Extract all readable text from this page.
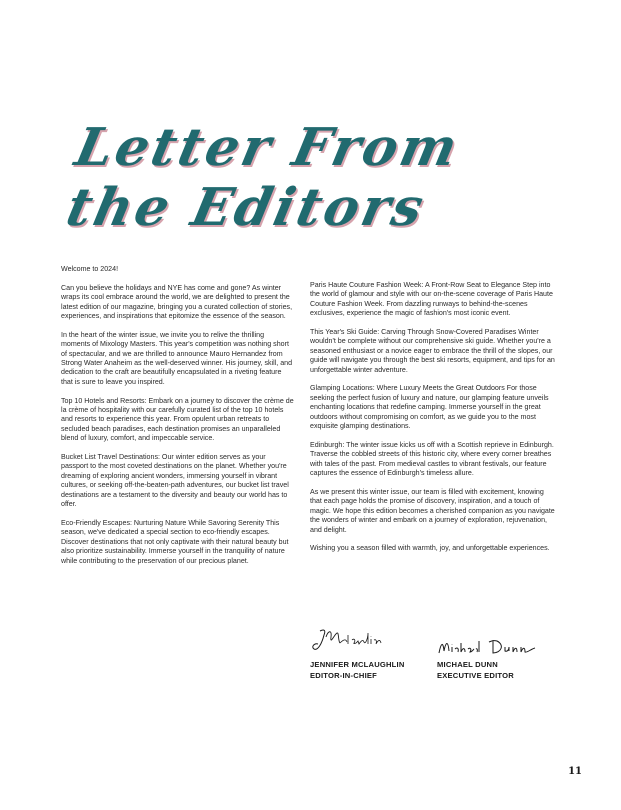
Letter From
the Editors

Welcome to 2024!

Can you believe the holidays and NYE has come and gone? As winter wraps its cool embrace around the world, we are delighted to present the latest edition of our magazine, bringing you a curated collection of stories, experiences, and inspirations that epitomize the essence of the season.

In the heart of the winter issue, we invite you to relive the thrilling moments of Mixology Masters. This year's competition was nothing short of spectacular, and we are thrilled to announce Mauro Hernandez from Strong Water Anaheim as the well-deserved winner. His journey, skill, and dedication to the craft are beautifully encapsulated in a riveting feature that is sure to leave you inspired.

Top 10 Hotels and Resorts: Embark on a journey to discover the crème de la crème of hospitality with our carefully curated list of the top 10 hotels and resorts to experience this year. From opulent urban retreats to secluded beach paradises, each destination promises an unparalleled blend of luxury, comfort, and impeccable service.

Bucket List Travel Destinations: Our winter edition serves as your passport to the most coveted destinations on the planet. Whether you're dreaming of exploring ancient wonders, immersing yourself in vibrant cultures, or seeking off-the-beaten-path adventures, our bucket list travel destinations are a testament to the diversity and beauty our world has to offer.

Eco-Friendly Escapes: Nurturing Nature While Savoring Serenity This season, we've dedicated a special section to eco-friendly escapes. Discover destinations that not only captivate with their natural beauty but also prioritize sustainability. Immerse yourself in the tranquility of nature while contributing to the preservation of our precious planet.

Paris Haute Couture Fashion Week: A Front-Row Seat to Elegance Step into the world of glamour and style with our on-the-scene coverage of Paris Haute Couture Fashion Week. From dazzling runways to behind-the-scenes exclusives, experience the magic of fashion's most iconic event.

This Year's Ski Guide: Carving Through Snow-Covered Paradises Winter wouldn't be complete without our comprehensive ski guide. Whether you're a seasoned enthusiast or a novice eager to embrace the thrill of the slopes, our guide will navigate you through the best ski resorts, equipment, and tips for an unforgettable winter adventure.

Glamping Locations: Where Luxury Meets the Great Outdoors For those seeking the perfect fusion of luxury and nature, our glamping feature unveils enchanting locations that redefine camping. Immerse yourself in the great outdoors without compromising on comfort, as we guide you to the most exquisite glamping destinations.

Edinburgh: The winter issue kicks us off with a Scottish reprieve in Edinburgh. Traverse the cobbled streets of this historic city, where every corner breathes with tales of the past. From medieval castles to vibrant festivals, our feature captures the essence of Edinburgh's timeless allure.

As we present this winter issue, our team is filled with excitement, knowing that each page holds the promise of discovery, inspiration, and a touch of magic. We hope this edition becomes a cherished companion as you navigate the wonders of winter and embark on a journey of exploration, rejuvenation, and delight.

Wishing you a season filled with warmth, joy, and unforgettable experiences.

JENNIFER MCLAUGHLIN
EDITOR-IN-CHIEF
MICHAEL DUNN
EXECUTIVE EDITOR
11
